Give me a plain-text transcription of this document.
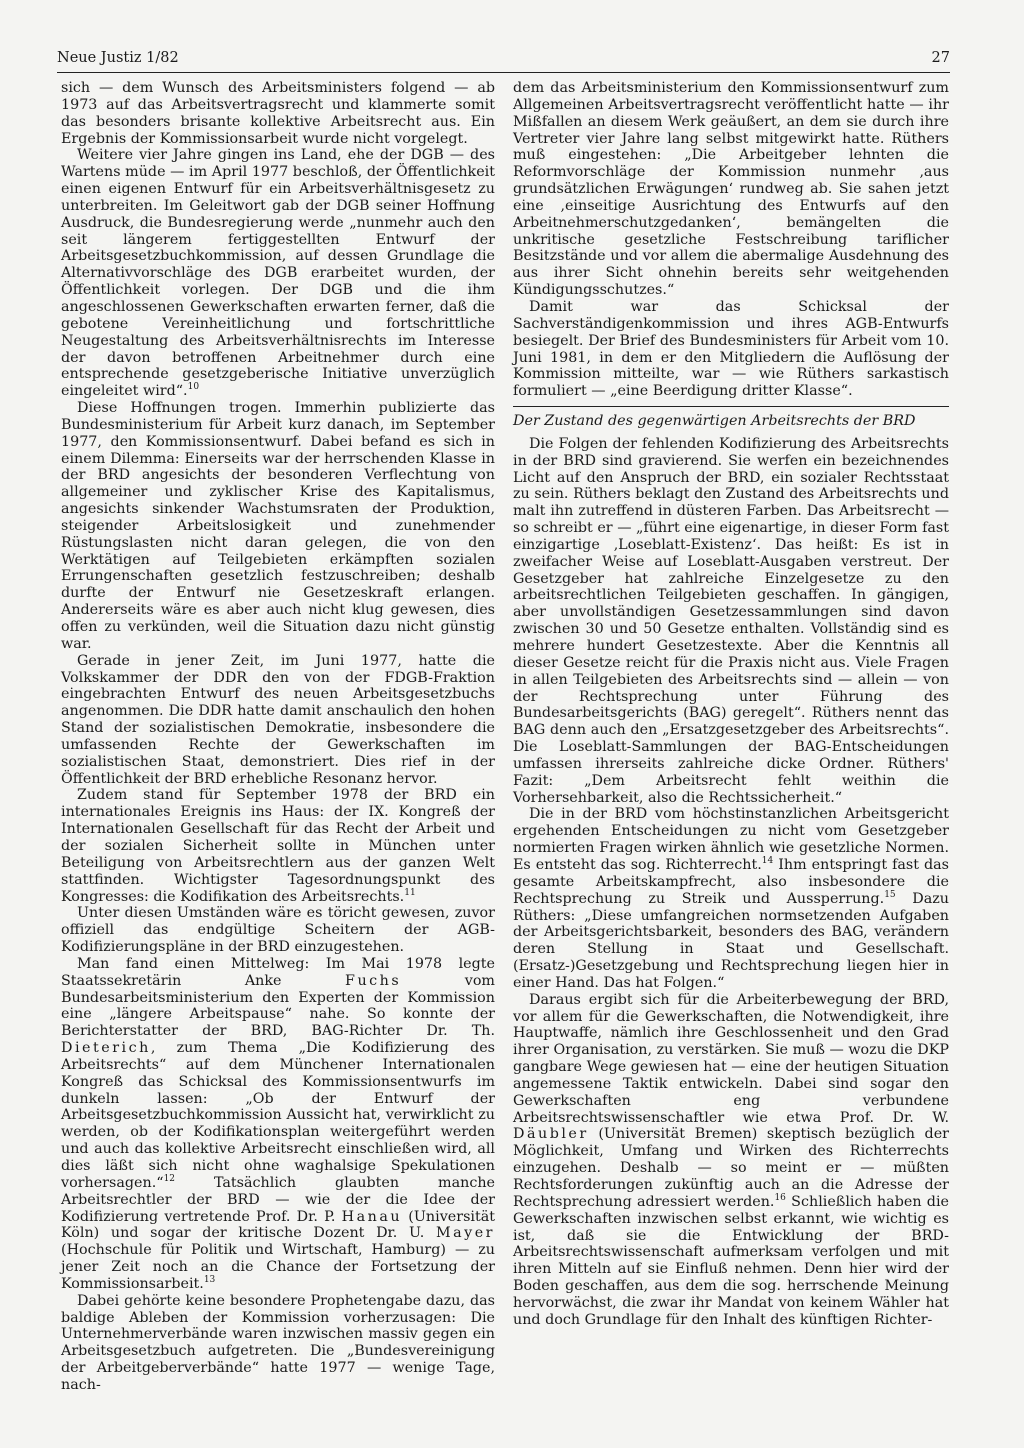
Neue Justiz 1/82	27

sich — dem Wunsch des Arbeitsministers folgend — ab 1973 auf das Arbeitsvertragsrecht und klammerte somit das besonders brisante kollektive Arbeitsrecht aus. Ein Ergebnis der Kommissionsarbeit wurde nicht vorgelegt.

Weitere vier Jahre gingen ins Land, ehe der DGB — des Wartens müde — im April 1977 beschloß, der Öffentlichkeit einen eigenen Entwurf für ein Arbeitsverhältnisgesetz zu unterbreiten. Im Geleitwort gab der DGB seiner Hoffnung Ausdruck, die Bundesregierung werde „nunmehr auch den seit längerem fertiggestellten Entwurf der Arbeitsgesetzbuchkommission, auf dessen Grundlage die Alternativvorschläge des DGB erarbeitet wurden, der Öffentlichkeit vorlegen. Der DGB und die ihm angeschlossenen Gewerkschaften erwarten ferner, daß die gebotene Vereinheitlichung und fortschrittliche Neugestaltung des Arbeitsverhältnisrechts im Interesse der davon betroffenen Arbeitnehmer durch eine entsprechende gesetzgeberische Initiative unverzüglich eingeleitet wird“.$^{10}$

Diese Hoffnungen trogen. Immerhin publizierte das Bundesministerium für Arbeit kurz danach, im September 1977, den Kommissionsentwurf. Dabei befand es sich in einem Dilemma: Einerseits war der herrschenden Klasse in der BRD angesichts der besonderen Verflechtung von allgemeiner und zyklischer Krise des Kapitalismus, angesichts sinkender Wachstumsraten der Produktion, steigender Arbeitslosigkeit und zunehmender Rüstungslasten nicht daran gelegen, die von den Werktätigen auf Teilgebieten erkämpften sozialen Errungenschaften gesetzlich festzuschreiben; deshalb durfte der Entwurf nie Gesetzeskraft erlangen. Andererseits wäre es aber auch nicht klug gewesen, dies offen zu verkünden, weil die Situation dazu nicht günstig war.

Gerade in jener Zeit, im Juni 1977, hatte die Volkskammer der DDR den von der FDGB-Fraktion eingebrachten Entwurf des neuen Arbeitsgesetzbuchs angenommen. Die DDR hatte damit anschaulich den hohen Stand der sozialistischen Demokratie, insbesondere die umfassenden Rechte der Gewerkschaften im sozialistischen Staat, demonstriert. Dies rief in der Öffentlichkeit der BRD erhebliche Resonanz hervor.

Zudem stand für September 1978 der BRD ein internationales Ereignis ins Haus: der IX. Kongreß der Internationalen Gesellschaft für das Recht der Arbeit und der sozialen Sicherheit sollte in München unter Beteiligung von Arbeitsrechtlern aus der ganzen Welt stattfinden. Wichtigster Tagesordnungspunkt des Kongresses: die Kodifikation des Arbeitsrechts.$^{11}$

Unter diesen Umständen wäre es töricht gewesen, zuvor offiziell das endgültige Scheitern der AGB-Kodifizierungspläne in der BRD einzugestehen.

Man fand einen Mittelweg: Im Mai 1978 legte Staatssekretärin Anke Fuchs vom Bundesarbeitsministerium den Experten der Kommission eine „längere Arbeitspause“ nahe. So konnte der Berichterstatter der BRD, BAG-Richter Dr. Th. Dieterich, zum Thema „Die Kodifizierung des Arbeitsrechts“ auf dem Münchener Internationalen Kongreß das Schicksal des Kommissionsentwurfs im dunkeln lassen: „Ob der Entwurf der Arbeitsgesetzbuchkommission Aussicht hat, verwirklicht zu werden, ob der Kodifikationsplan weitergeführt werden und auch das kollektive Arbeitsrecht einschließen wird, all dies läßt sich nicht ohne waghalsige Spekulationen vorhersagen.“$^{12}$ Tatsächlich glaubten manche Arbeitsrechtler der BRD — wie der die Idee der Kodifizierung vertretende Prof. Dr. P. Hanau (Universität Köln) und sogar der kritische Dozent Dr. U. Mayer (Hochschule für Politik und Wirtschaft, Hamburg) — zu jener Zeit noch an die Chance der Fortsetzung der Kommissionsarbeit.$^{13}$

Dabei gehörte keine besondere Prophetengabe dazu, das baldige Ableben der Kommission vorherzusagen: Die Unternehmerverbände waren inzwischen massiv gegen ein Arbeitsgesetzbuch aufgetreten. Die „Bundesvereinigung der Arbeitgeberverbände“ hatte 1977 — wenige Tage, nach-

dem das Arbeitsministerium den Kommissionsentwurf zum Allgemeinen Arbeitsvertragsrecht veröffentlicht hatte — ihr Mißfallen an diesem Werk geäußert, an dem sie durch ihre Vertreter vier Jahre lang selbst mitgewirkt hatte. Rüthers muß eingestehen: „Die Arbeitgeber lehnten die Reformvorschläge der Kommission nunmehr ‚aus grundsätzlichen Erwägungen‘ rundweg ab. Sie sahen jetzt eine ‚einseitige Ausrichtung des Entwurfs auf den Arbeitnehmerschutzgedanken‘, bemängelten die unkritische gesetzliche Festschreibung tariflicher Besitzstände und vor allem die abermalige Ausdehnung des aus ihrer Sicht ohnehin bereits sehr weitgehenden Kündigungsschutzes.“

Damit war das Schicksal der Sachverständigenkommission und ihres AGB-Entwurfs besiegelt. Der Brief des Bundesministers für Arbeit vom 10. Juni 1981, in dem er den Mitgliedern die Auflösung der Kommission mitteilte, war — wie Rüthers sarkastisch formuliert — „eine Beerdigung dritter Klasse“.

Der Zustand des gegenwärtigen Arbeitsrechts der BRD

Die Folgen der fehlenden Kodifizierung des Arbeitsrechts in der BRD sind gravierend. Sie werfen ein bezeichnendes Licht auf den Anspruch der BRD, ein sozialer Rechtsstaat zu sein. Rüthers beklagt den Zustand des Arbeitsrechts und malt ihn zutreffend in düsteren Farben. Das Arbeitsrecht — so schreibt er — „führt eine eigenartige, in dieser Form fast einzigartige ‚Loseblatt-Existenz‘. Das heißt: Es ist in zweifacher Weise auf Loseblatt-Ausgaben verstreut. Der Gesetzgeber hat zahlreiche Einzelgesetze zu den arbeitsrechtlichen Teilgebieten geschaffen. In gängigen, aber unvollständigen Gesetzessammlungen sind davon zwischen 30 und 50 Gesetze enthalten. Vollständig sind es mehrere hundert Gesetzestexte. Aber die Kenntnis all dieser Gesetze reicht für die Praxis nicht aus. Viele Fragen in allen Teilgebieten des Arbeitsrechts sind — allein — von der Rechtsprechung unter Führung des Bundesarbeitsgerichts (BAG) geregelt“. Rüthers nennt das BAG denn auch den „Ersatzgesetzgeber des Arbeitsrechts“. Die Loseblatt-Sammlungen der BAG-Entscheidungen umfassen ihrerseits zahlreiche dicke Ordner. Rüthers' Fazit: „Dem Arbeitsrecht fehlt weithin die Vorhersehbarkeit, also die Rechtssicherheit.“

Die in der BRD vom höchstinstanzlichen Arbeitsgericht ergehenden Entscheidungen zu nicht vom Gesetzgeber normierten Fragen wirken ähnlich wie gesetzliche Normen. Es entsteht das sog. Richterrecht.$^{14}$ Ihm entspringt fast das gesamte Arbeitskampfrecht, also insbesondere die Rechtsprechung zu Streik und Aussperrung.$^{15}$ Dazu Rüthers: „Diese umfangreichen normsetzenden Aufgaben der Arbeitsgerichtsbarkeit, besonders des BAG, verändern deren Stellung in Staat und Gesellschaft. (Ersatz-)Gesetzgebung und Rechtsprechung liegen hier in einer Hand. Das hat Folgen.“

Daraus ergibt sich für die Arbeiterbewegung der BRD, vor allem für die Gewerkschaften, die Notwendigkeit, ihre Hauptwaffe, nämlich ihre Geschlossenheit und den Grad ihrer Organisation, zu verstärken. Sie muß — wozu die DKP gangbare Wege gewiesen hat — eine der heutigen Situation angemessene Taktik entwickeln. Dabei sind sogar den Gewerkschaften eng verbundene Arbeitsrechtswissenschaftler wie etwa Prof. Dr. W. Däubler (Universität Bremen) skeptisch bezüglich der Möglichkeit, Umfang und Wirken des Richterrechts einzugehen. Deshalb — so meint er — müßten Rechtsforderungen zukünftig auch an die Adresse der Rechtsprechung adressiert werden.$^{16}$ Schließlich haben die Gewerkschaften inzwischen selbst erkannt, wie wichtig es ist, daß sie die Entwicklung der BRD-Arbeitsrechtswissenschaft aufmerksam verfolgen und mit ihren Mitteln auf sie Einfluß nehmen. Denn hier wird der Boden geschaffen, aus dem die sog. herrschende Meinung hervorwächst, die zwar ihr Mandat von keinem Wähler hat und doch Grundlage für den Inhalt des künftigen Richter-
